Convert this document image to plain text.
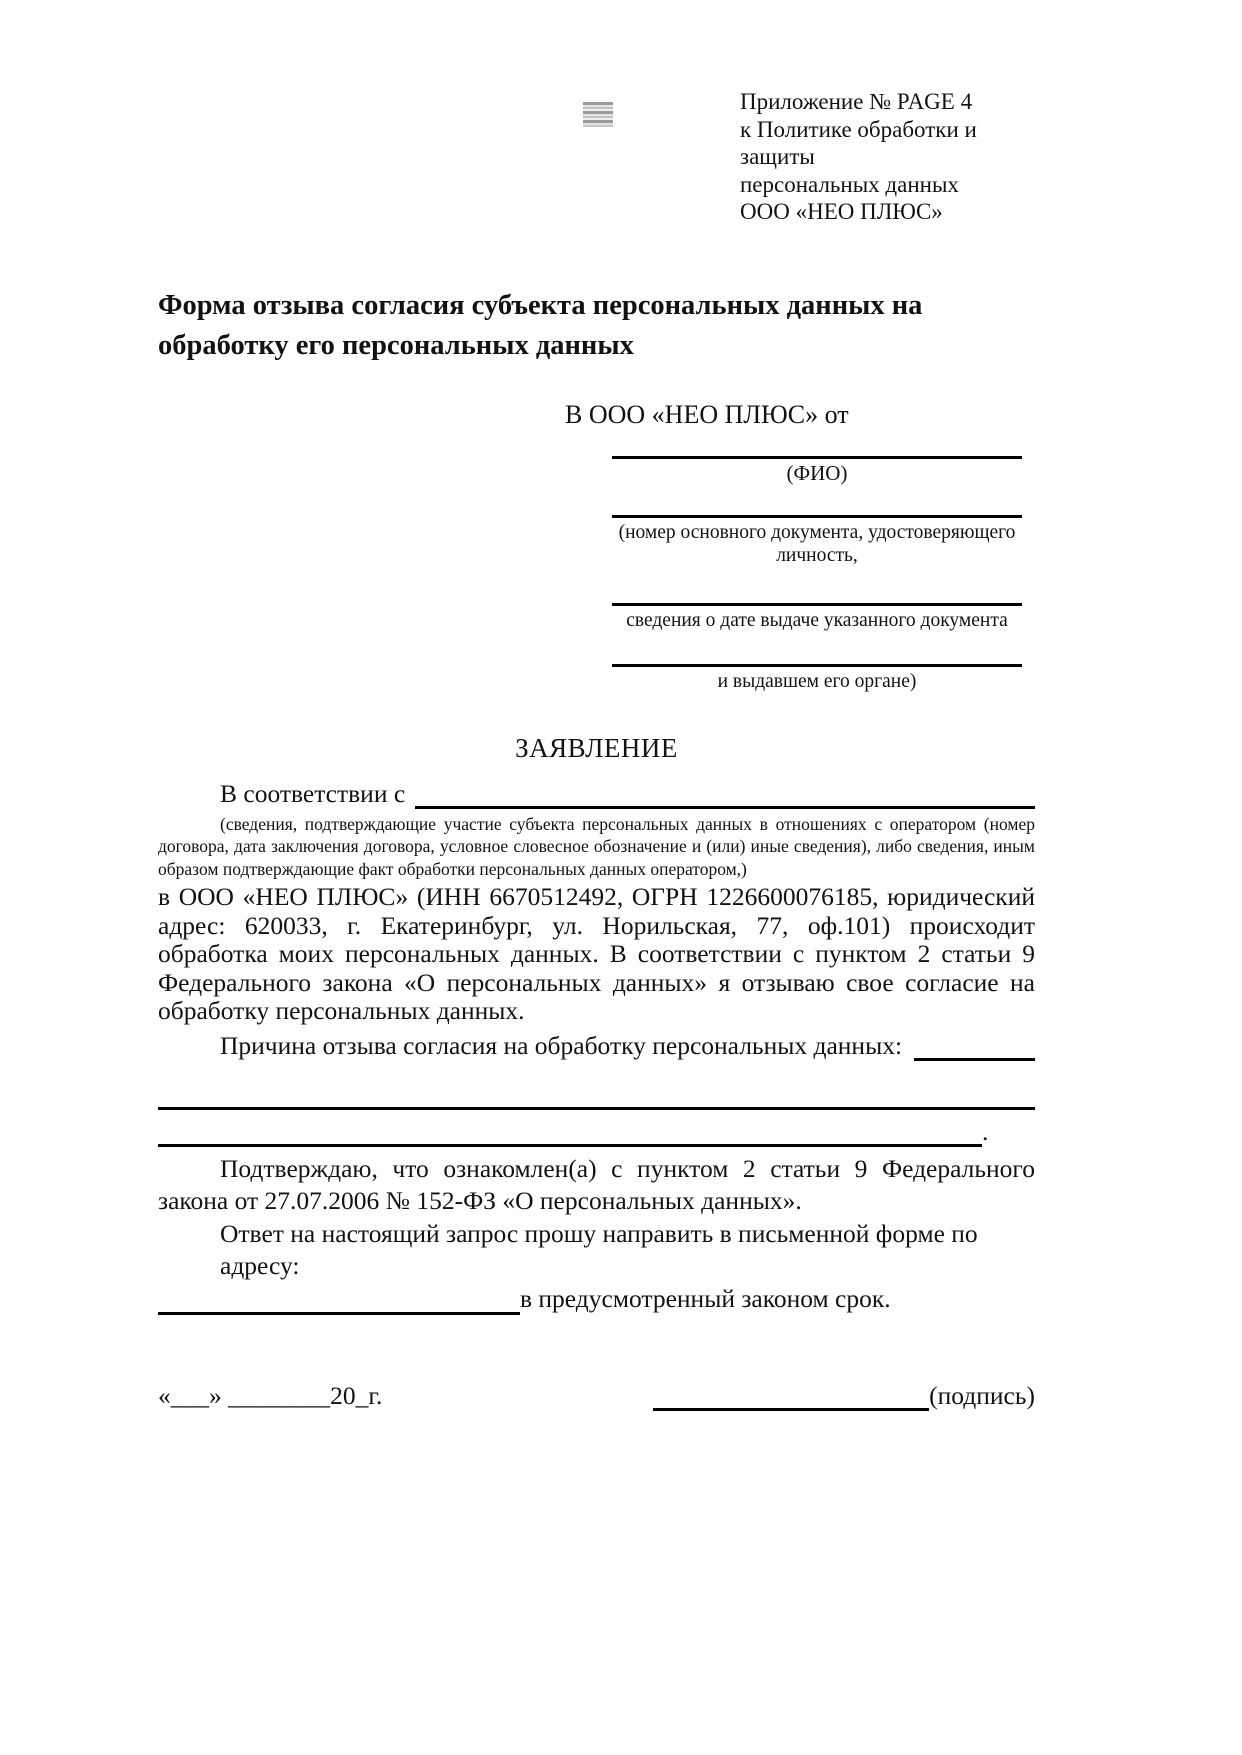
Приложение № PAGE 4
к Политике обработки и защиты
персональных данных
ООО «НЕО ПЛЮС»
Форма отзыва согласия субъекта персональных данных на обработку его персональных данных
В ООО «НЕО ПЛЮС» от
(ФИО)
(номер основного документа, удостоверяющего личность,
сведения о дате выдаче указанного документа
и выдавшем его органе)
ЗАЯВЛЕНИЕ
В соответствии с
(сведения, подтверждающие участие субъекта персональных данных в отношениях с оператором (номер договора, дата заключения договора, условное словесное обозначение и (или) иные сведения), либо сведения, иным образом подтверждающие факт обработки персональных данных оператором,)
в ООО «НЕО ПЛЮС» (ИНН 6670512492, ОГРН 1226600076185, юридический адрес: 620033, г. Екатеринбург, ул. Норильская, 77, оф.101) происходит обработка моих персональных данных. В соответствии с пунктом 2 статьи 9 Федерального закона «О персональных данных» я отзываю свое согласие на обработку персональных данных.
Причина отзыва согласия на обработку персональных данных:
.
Подтверждаю, что ознакомлен(а) с пунктом 2 статьи 9 Федерального закона от 27.07.2006 № 152-ФЗ «О персональных данных».
Ответ на настоящий запрос прошу направить в письменной форме по адресу:
в предусмотренный законом срок.
«___» ________20_г.	(подпись)
